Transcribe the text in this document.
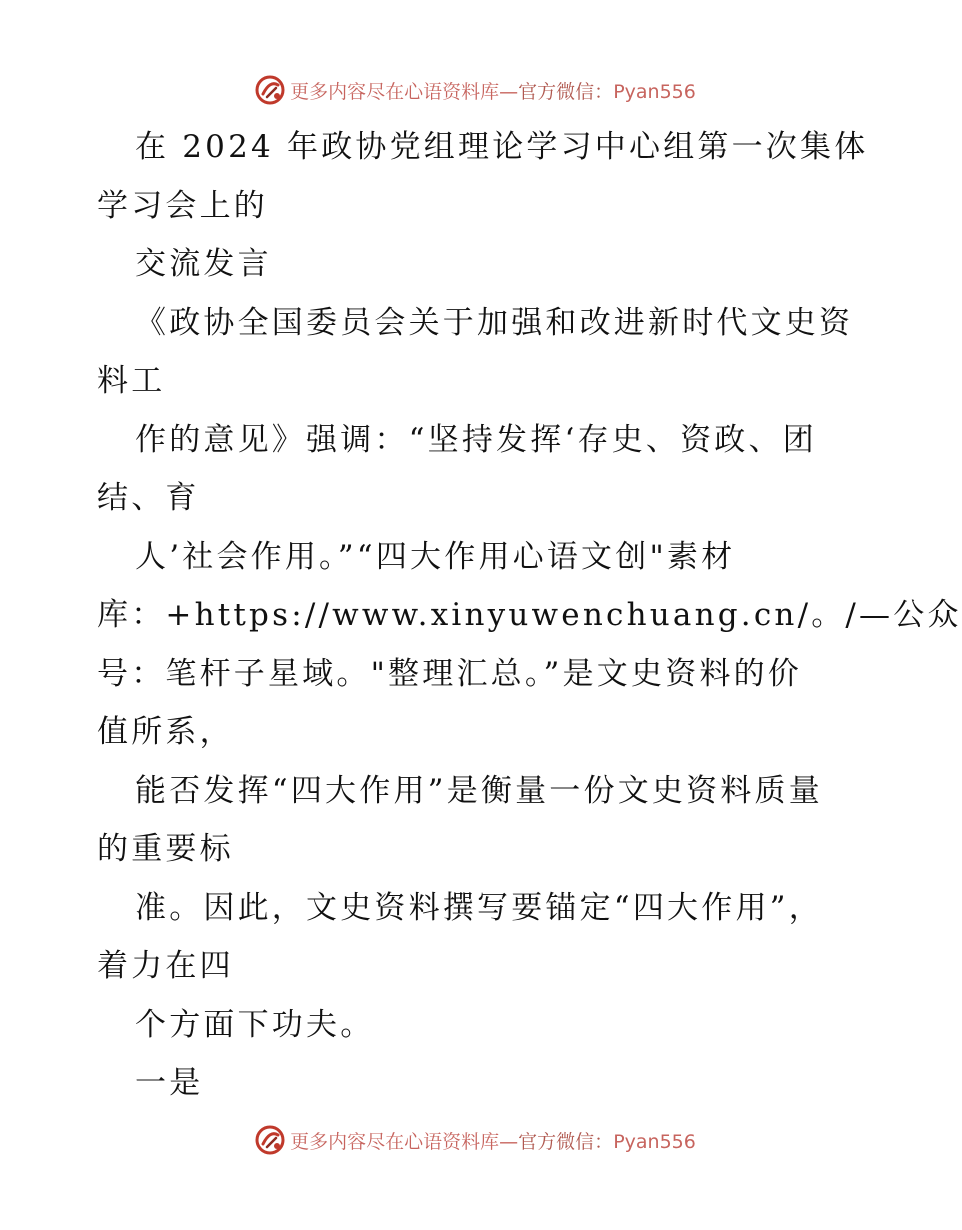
更多内容尽在心语资料库—官方微信：Pyan556
在 2024 年政协党组理论学习中心组第一次集体
学习会上的
交流发言
《政协全国委员会关于加强和改进新时代文史资
料工
作的意见》强调：“坚持发挥‘存史、资政、团
结、育
人’社会作用。”“四大作用心语文创"素材
库：+https://www.xinyuwenchuang.cn/。/—公众
号：笔杆子星域。"整理汇总。”是文史资料的价
值所系，
能否发挥“四大作用”是衡量一份文史资料质量
的重要标
准。因此，文史资料撰写要锚定“四大作用”，
着力在四
个方面下功夫。
一是
更多内容尽在心语资料库—官方微信：Pyan556
